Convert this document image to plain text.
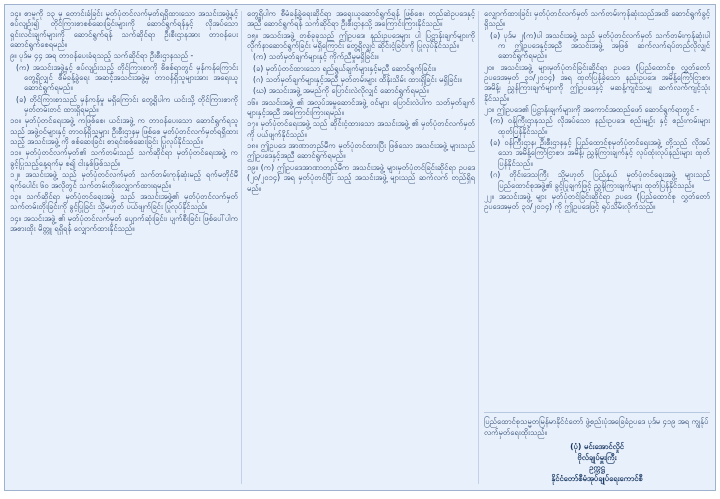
၁၄။ စာမူကို ၁၃ မှ တောင်းခံခြင်း မှတ်ပုံတင်လက်မှတ်ရရှိထားသော အသင်းအဖွဲ့နှင့် စပ်လျဉ်း၍ တိုင်ကြားစာစစ်ဆေးခြင်းများကို ဆောင်ရွက်ရန်နှင့် လိုအပ်သော ရှင်းလင်းချက်များကို ဆောင်ရွက်ရန် သက်ဆိုင်ရာ ဦးစီးဌာနအား တာဝန်ပေးဆောင်ရွက်စေရမည်။

၉။ ပုဒ်မ ၄၄ အရ တာဝန်ပေးခံရသည့် သက်ဆိုင်ရာ ဦးစီးဌာနသည် -

(က) အသင်းအဖွဲ့နှင့် စပ်လျဉ်းသည့် တိုင်ကြားစာကို စိစစ်ရာတွင် မှန်ကန်ကြောင်း တွေ့ရှိလျှင် စီမံခန့်ခွဲရေး အဆင့်အသင်းအဖွဲ့မှ တာဝန်ရှိသူများအား အရေးယူ ဆောင်ရွက်ရမည်။

(ခ) တိုင်ကြားစာသည် မှန်ကန်မှု မရှိကြောင်း တွေ့ရှိပါက ယင်းသို့ တိုင်ကြားစာကို မှတ်တမ်းတင် ထားရှိရမည်။

၁၀။ မှတ်ပုံတင်ရေးအဖွဲ့ ကဖြစ်စေ၊ ယင်းအဖွဲ့ က တာဝန်ပေးသော ဆောင်ရွက်ရသူသည် အဖွဲ့ဝင်များနှင့် တာဝန်ရှိသူများ ဦးစီးဌာနမှ ဖြစ်စေ မှတ်ပုံတင်လက်မှတ်ရရှိထားသည့် အသင်းအဖွဲ့ ကို စစ်ဆေးခြင်း စာရင်းစစ်ဆေးခြင်း ပြုလုပ်နိုင်သည်။

၁၁။ မှတ်ပုံတင်လက်မှတ်၏ သက်တမ်းသည် သက်ဆိုင်ရာ မှတ်ပုံတင်ရေးအဖွဲ့ က ခွင့်ပြုသည့်နေ့ရက်မှ စ၍ ငါးနှစ်ဖြစ်သည်။

၁၂။ အသင်းအဖွဲ့ သည် မှတ်ပုံတင်လက်မှတ် သက်တမ်းကုန်ဆုံးမည့် ရက်မတိုင်မီ ရက်ပေါင်း ၆၀ အလိုတွင် သက်တမ်းတိုးလျှောက်ထားရမည်။

၁၃။ သက်ဆိုင်ရာ မှတ်ပုံတင်ရေးအဖွဲ့ သည် အသင်းအဖွဲ့၏ မှတ်ပုံတင်လက်မှတ် သက်တမ်းတိုးခြင်းကို ခွင့်ပြုခြင်း သို့မဟုတ် ပယ်ဖျက်ခြင်း ပြုလုပ်နိုင်သည်။

၁၄။ အသင်းအဖွဲ့ ၏ မှတ်ပုံတင်လက်မှတ် ပျောက်ဆုံးခြင်း၊ ပျက်စီးခြင်း ဖြစ်ပေါ်ပါက အစားထိုး မိတ္တူ ရရှိရန် လျှောက်ထားနိုင်သည်။

တွေ့ရှိပါက စီမံခန့်ခွဲရေးဆိုင်ရာ အရေးယူဆောင်ရွက်ရန် ဖြစ်စေ၊ တည်ဆဲဥပဒေနှင့်အညီ ဆောင်ရွက်ရန် သက်ဆိုင်ရာ ဦးစီးဌာနသို့ အကြောင်းကြားနိုင်သည်။

၁၅။ အသင်းအဖွဲ့ တစ်ခုခုသည် ဤဥပဒေ၊ နည်းဥပဒေများ ပါ ပြဋ္ဌာန်းချက်များကို လိုက်နာဆောင်ရွက်ခြင်း မရှိကြောင်း တွေ့ရှိလျှင် ဆိုင်းငံ့ခြင်းကို ပြုလုပ်နိုင်သည်။

(က) သတ်မှတ်ချက်များနှင့် ကိုက်ညီမှုမရှိခြင်း။

(ခ) မှတ်ပုံတင်ထားသော ရည်ရွယ်ချက်များနှင့်မညီ ဆောင်ရွက်ခြင်း။

(ဂ) သတ်မှတ်ချက်များနှင့်အညီ မှတ်တမ်းများ ထိန်းသိမ်း ထားရှိခြင်း မရှိခြင်း။

(ဃ) အသင်းအဖွဲ့ အမည်ကို ပြောင်းလဲလိုလျှင် ဆောင်ရွက်ရမည်။

၁၆။ အသင်းအဖွဲ့ ၏ အလုပ်အမှုဆောင်အဖွဲ့ ဝင်များ ပြောင်းလဲပါက သတ်မှတ်ချက်များနှင့်အညီ အကြောင်းကြားရမည်။

၁၇။ မှတ်ပုံတင်ရေးအဖွဲ့ သည် ဆိုင်းငံ့ထားသော အသင်းအဖွဲ့ ၏ မှတ်ပုံတင်လက်မှတ်ကို ပယ်ဖျက်နိုင်သည်။

၁၈။ ဤဥပဒေ အာဏာတည်မီက မှတ်ပုံတင်ထားပြီး ဖြစ်သော အသင်းအဖွဲ့ များသည် ဤဥပဒေနှင့်အညီ ဆောင်ရွက်ရမည်။

၁၉။ (က) ဤဥပဒေအာဏာတည်မီက အသင်းအဖွဲ့ များမှတ်ပုံတင်ခြင်းဆိုင်ရာ ဥပဒေ (၂၀/၂၀၁၄) အရ မှတ်ပုံတင်ပြီး သည့် အသင်းအဖွဲ့ များသည် ဆက်လက် တည်ရှိရမည်။

လျှောက်ထားခြင်း မှတ်ပုံတင်လက်မှတ် သက်တမ်းကုန်ဆုံးသည်အထိ ဆောင်ရွက်ခွင့်ရှိသည်။

(ခ) ပုဒ်မ ၂(က)ပါ အသင်းအဖွဲ့ သည် မှတ်ပုံတင်လက်မှတ် သက်တမ်းကုန်ဆုံးပါက ဤဥပဒေနှင့်အညီ အသင်းအဖွဲ့ အဖြစ် ဆက်လက်ရပ်တည်လိုလျှင် ဆောင်ရွက်ရမည်။

၂၀။ အသင်းအဖွဲ့ များမှတ်ပုံတင်ခြင်းဆိုင်ရာ ဥပဒေ (ပြည်ထောင်စု လွှတ်တော် ဥပဒေအမှတ် ၃၁/၂၀၁၄) အရ ထုတ်ပြန်ခဲ့သော နည်းဥပဒေ၊ အမိန့်ကြော်ငြာစာ၊ အမိန့်၊ ညွှန်ကြားချက်များကို ဤဥပဒေနှင့် မဆန့်ကျင်သမျှ ဆက်လက်ကျင့်သုံးနိုင်သည်။

၂၁။ ဤဥပဒေ၏ ပြဋ္ဌာန်းချက်များကို အကောင်အထည်ဖော် ဆောင်ရွက်ရာတွင် -

(က) ဝန်ကြီးဌာနသည် လိုအပ်သော နည်းဥပဒေ၊ စည်းမျဉ်း နှင့် စည်းကမ်းများ ထုတ်ပြန်နိုင်သည်။

(ခ) ဝန်ကြီးဌာန၊ ဦးစီးဌာနနှင့် ပြည်ထောင်စုမှတ်ပုံတင်ရေးအဖွဲ့ တို့သည် လိုအပ်သော အမိန့်ကြော်ငြာစာ၊ အမိန့်၊ ညွှန်ကြားချက်နှင့် လုပ်ထုံးလုပ်နည်းများ ထုတ်ပြန်နိုင်သည်။

(ဂ) တိုင်းဒေသကြီး သို့မဟုတ် ပြည်နယ် မှတ်ပုံတင်ရေးအဖွဲ့ များသည် ပြည်ထောင်စုအဖွဲ့၏ ခွင့်ပြုချက်ဖြင့် ညွှန်ကြားချက်များ ထုတ်ပြန်နိုင်သည်။

၂၂။ အသင်းအဖွဲ့ များ မှတ်ပုံတင်ခြင်းဆိုင်ရာ ဥပဒေ (ပြည်ထောင်စု လွှတ်တော် ဥပဒေအမှတ် ၃၁/၂၀၁၄) ကို ဤဥပဒေဖြင့် ရုပ်သိမ်းလိုက်သည်။

ပြည်ထောင်စုသမ္မတမြန်မာနိုင်ငံတော် ဖွဲ့စည်းပုံအခြေခံဥပဒေ ပုဒ်မ ၄၁၉ အရ ကျွန်ုပ်လက်မှတ်ရေးထိုးသည်။
(ပုံ) မင်းအောင်လှိုင်
ဗိုလ်ချုပ်မှူးကြီး
ဥက္ကဋ္ဌ
နိုင်ငံတော်စီမံအုပ်ချုပ်ရေးကောင်စီ
